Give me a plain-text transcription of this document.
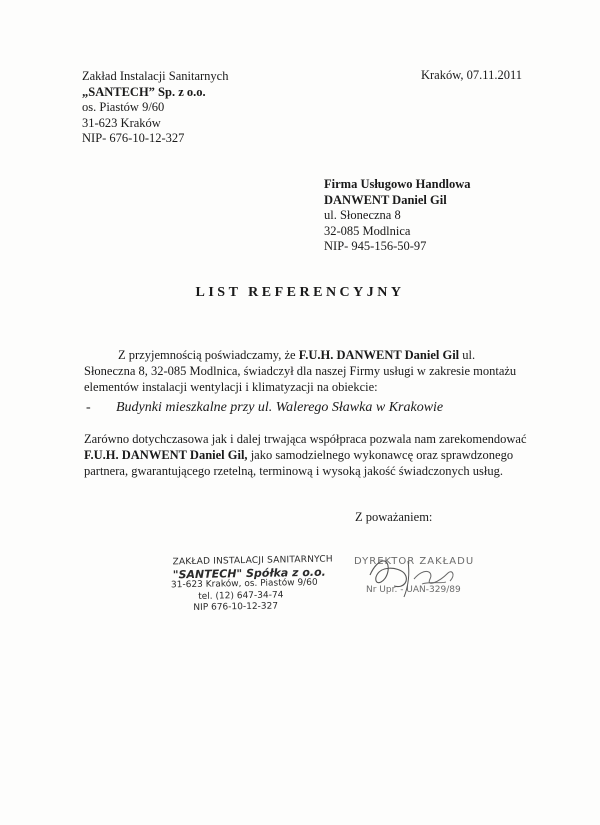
Zakład Instalacji Sanitarnych
„SANTECH” Sp. z o.o.
os. Piastów 9/60
31-623 Kraków
NIP- 676-10-12-327
Kraków, 07.11.2011
Firma Usługowo Handlowa
DANWENT Daniel Gil
ul. Słoneczna 8
32-085 Modlnica
NIP- 945-156-50-97
LIST REFERENCYJNY
Z przyjemnością poświadczamy, że F.U.H. DANWENT Daniel Gil ul. Słoneczna 8, 32-085 Modlnica, świadczył dla naszej Firmy usługi w zakresie montażu elementów instalacji wentylacji i klimatyzacji na obiekcie:
- Budynki mieszkalne przy ul. Walerego Sławka w Krakowie
Zarówno dotychczasowa jak i dalej trwająca współpraca pozwala nam zarekomendować F.U.H. DANWENT Daniel Gil, jako samodzielnego wykonawcę oraz sprawdzonego partnera, gwarantującego rzetelną, terminową i wysoką jakość świadczonych usług.
Z poważaniem:
ZAKŁAD INSTALACJI SANITARNYCH
"SANTECH" Spółka z o.o.
31-623 Kraków, os. Piastów 9/60
tel. (12) 647-34-74
NIP 676-10-12-327
DYREKTOR ZAKŁADU
Nr Upr. - UAN-329/89
